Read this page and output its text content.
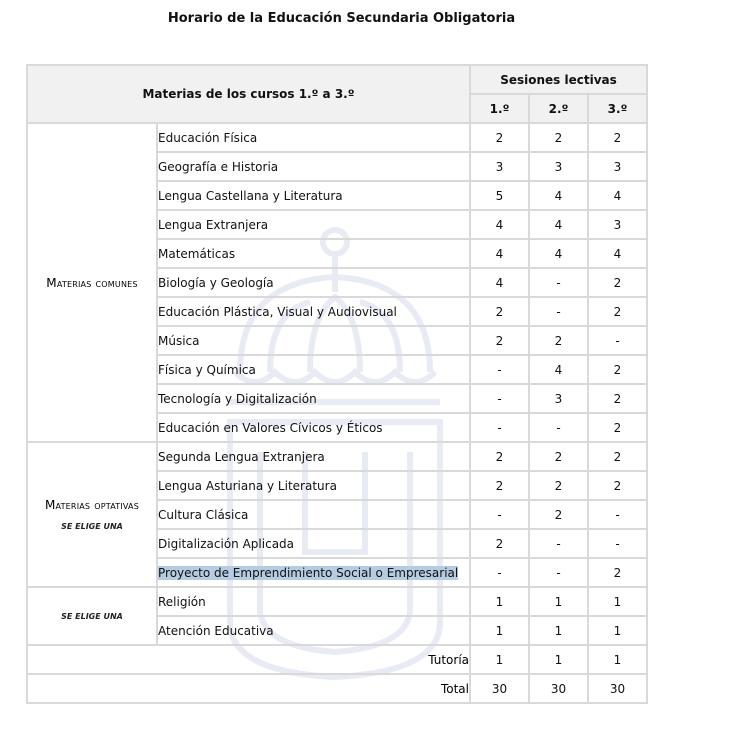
Horario de la Educación Secundaria Obligatoria
Materias de los cursos 1.º a 3.º		Sesiones lectivas		
		1.º	2.º	3.º

Materias comunes	Educación Física	2	2	2
	Geografía e Historia	3	3	3
	Lengua Castellana y Literatura	5	4	4
	Lengua Extranjera	4	4	3
	Matemáticas	4	4	4
	Biología y Geología	4	-	2
	Educación Plástica, Visual y Audiovisual	2	-	2
	Música	2	2	-
	Física y Química	-	4	2
	Tecnología y Digitalización	-	3	2
	Educación en Valores Cívicos y Éticos	-	-	2

Materias optativas
SE ELIGE UNA	Segunda Lengua Extranjera	2	2	2
	Lengua Asturiana y Literatura	2	2	2
	Cultura Clásica	-	2	-
	Digitalización Aplicada	2	-	-
	Proyecto de Emprendimiento Social o Empresarial	-	-	2

SE ELIGE UNA	Religión	1	1	1
	Atención Educativa	1	1	1
Tutoría		1	1	1
Total		30	30	30
